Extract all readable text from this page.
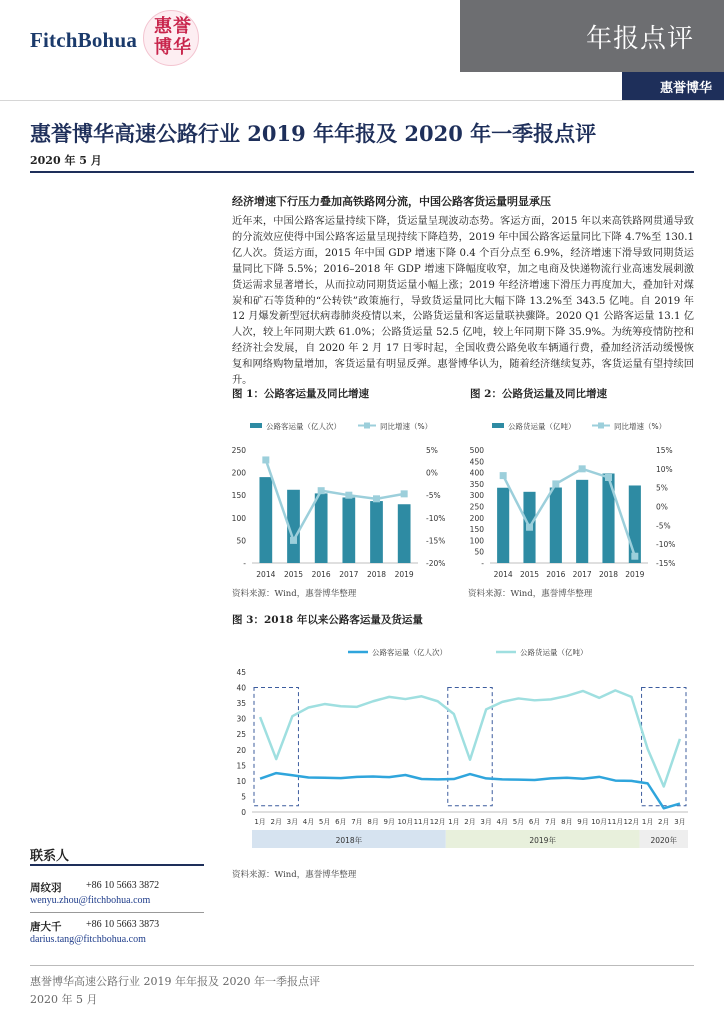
FitchBohua
惠 誉
博 华	年报点评
惠誉博华
惠誉博华高速公路行业 2019 年年报及 2020 年一季报点评
2020 年 5 月
经济增速下行压力叠加高铁路网分流，中国公路客货运量明显承压
近年来，中国公路客运量持续下降，货运量呈现波动态势。客运方面，2015 年以来高铁路网贯通导致的分流效应使得中国公路客运量呈现持续下降趋势，2019 年中国公路客运量同比下降 4.7%至 130.1 亿人次。货运方面，2015 年中国 GDP 增速下降 0.4 个百分点至 6.9%，经济增速下滑导致同期货运量同比下降 5.5%；2016–2018 年 GDP 增速下降幅度收窄，加之电商及快递物流行业高速发展刺激货运需求显著增长，从而拉动同期货运量小幅上涨；2019 年经济增速下滑压力再度加大，叠加针对煤炭和矿石等货种的“公转铁”政策施行，导致货运量同比大幅下降 13.2%至 343.5 亿吨。自 2019 年 12 月爆发新型冠状病毒肺炎疫情以来，公路货运量和客运量联袂骤降。2020 Q1 公路客运量 13.1 亿人次，较上年同期大跌 61.0%；公路货运量 52.5 亿吨，较上年同期下降 35.9%。为统筹疫情防控和经济社会发展，自 2020 年 2 月 17 日零时起，全国收费公路免收车辆通行费，叠加经济活动缓慢恢复和网络购物量增加，客货运量有明显反弹。惠誉博华认为，随着经济继续复苏，客货运量有望持续回升。
图 1：公路客运量及同比增速
公路客运量（亿人次）	同比增速（%）
-
50
100
150
200
250
-20%
-15%
-10%
-5%
0%
5%
2014 2015 2016 2017 2018 2019
资料来源：Wind，惠誉博华整理
图 2：公路货运量及同比增速
公路货运量（亿吨）	同比增速（%）
-
50
100
150
200
250
300
350
400
450
500
-15%
-10%
-5%
0%
5%
10%
15%
2014 2015 2016 2017 2018 2019
资料来源：Wind，惠誉博华整理
图 3：2018 年以来公路客运量及货运量
公路客运量（亿人次）	公路货运量（亿吨）
0
5
10
15
20
25
30
35
40
45
1月 2月 3月 4月 5月 6月 7月 8月 9月 10月 11月 12月 1月 2月 3月 4月 5月 6月 7月 8月 9月 10月 11月 12月 1月 2月 3月
2018年	2019年	2020年
资料来源：Wind，惠誉博华整理
联系人
周纹羽 +86 10 5663 3872
wenyu.zhou@fitchbohua.com
唐大千 +86 10 5663 3873
darius.tang@fitchbohua.com
惠誉博华高速公路行业 2019 年年报及 2020 年一季报点评
2020 年 5 月
